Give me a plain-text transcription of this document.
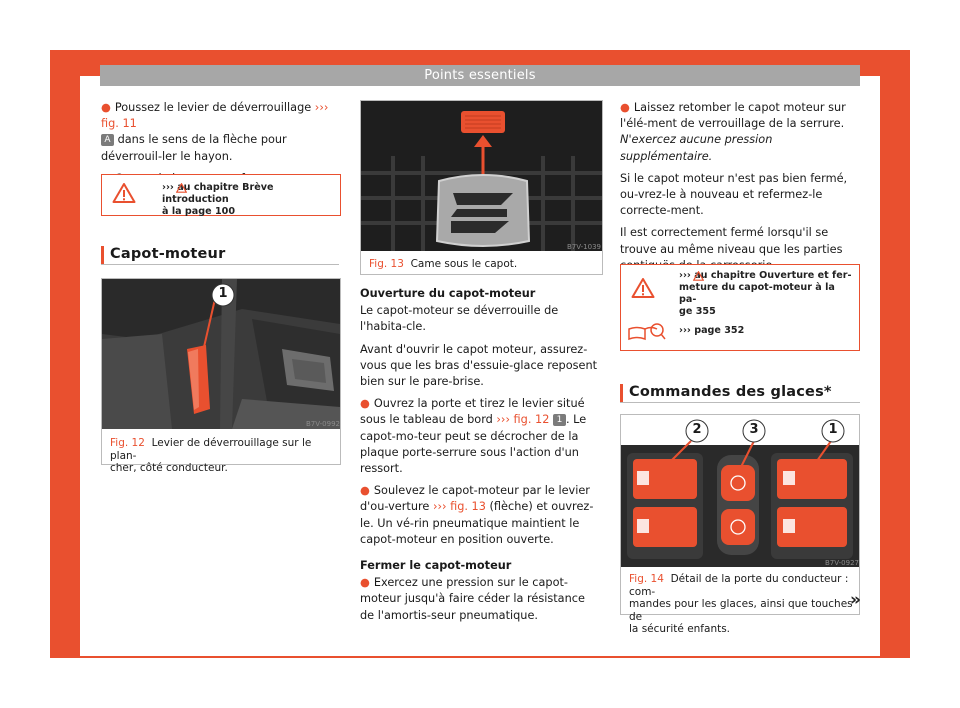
Points essentiels

● Poussez le levier de déverrouillage ››› fig. 11
A dans le sens de la flèche pour déverrouil-ler le hayon.

››› au chapitre Brève introduction
à la page 100
Capot-moteur
1
B7V-0992
Fig. 12 Levier de déverrouillage sur le plan-
cher, côté conducteur.
B7V-1039
Fig. 13 Came sous le capot.

Ouverture du capot-moteur

Le capot-moteur se déverrouille de l'habita-cle.

Avant d'ouvrir le capot moteur, assurez-vous que les bras d'essuie-glace reposent bien sur le pare-brise.

● Ouvrez la porte et tirez le levier situé sous le tableau de bord ››› fig. 12 1 . Le capot-mo-teur peut se décrocher de la plaque porte-serrure sous l'action d'un ressort.

● Soulevez le capot-moteur par le levier d'ou-verture ››› fig. 13 (flèche) et ouvrez-le. Un vé-rin pneumatique maintient le capot-moteur en position ouverte.

Fermer le capot-moteur

● Exercez une pression sur le capot-moteur jusqu'à faire céder la résistance de l'amortis-seur pneumatique.

● Laissez retomber le capot moteur sur l'élé-ment de verrouillage de la serrure. N'exercez aucune pression supplémentaire.

Si le capot moteur n'est pas bien fermé, ou-vrez-le à nouveau et refermez-le correcte-ment.

Il est correctement fermé lorsqu'il se trouve au même niveau que les parties

››› au chapitre Ouverture et fer-
meture du capot-moteur à la pa-
ge 355
››› page 352
Commandes des glaces*
2	3	1
B7V-0927
Fig. 14 Détail de la porte du conducteur : com-
mandes pour les glaces, ainsi que touches de
la sécurité enfants.
»
13
